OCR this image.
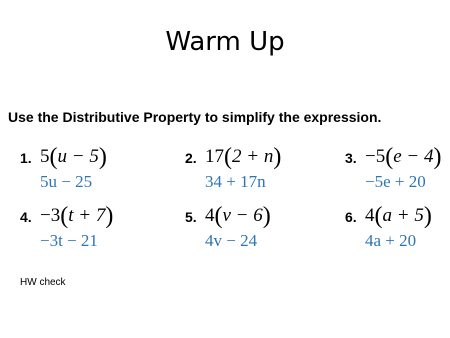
Warm Up
Use the Distributive Property to simplify the expression.
1. 5(u − 5)
5u − 25
2. 17(2 + n)
34 + 17n
3. −5(e − 4)
−5e + 20
4. −3(t + 7)
−3t − 21
5. 4(v − 6)
4v − 24
6. 4(a + 5)
4a + 20
HW check
